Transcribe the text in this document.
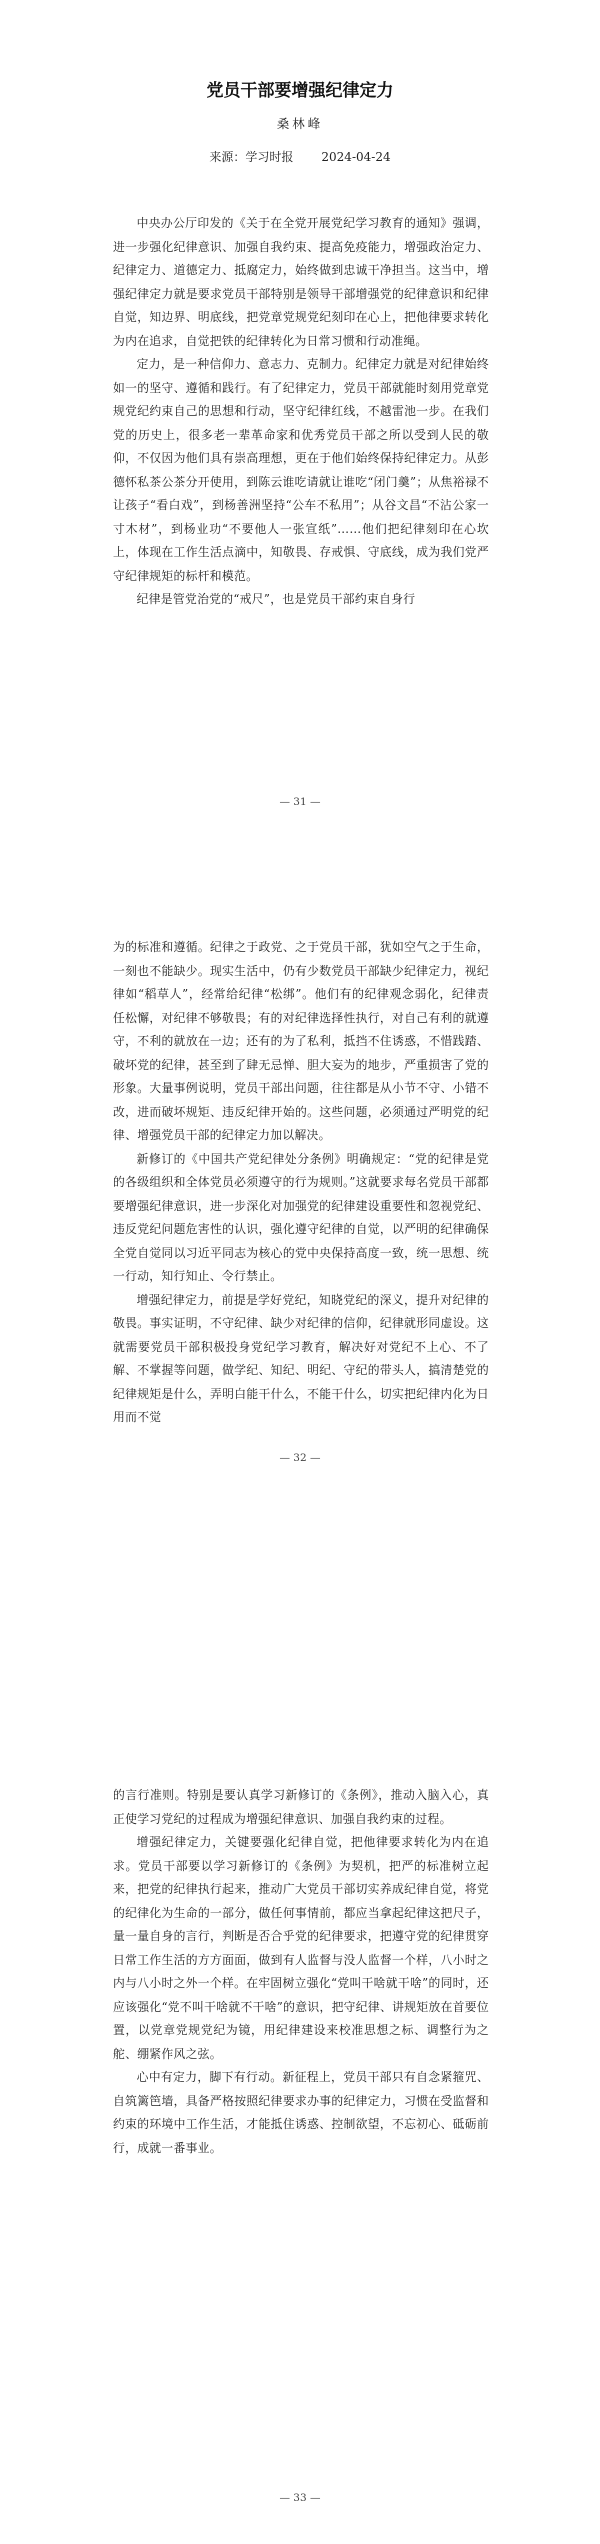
党员干部要增强纪律定力
桑林峰
来源：学习时报 2024-04-24

中央办公厅印发的《关于在全党开展党纪学习教育的通知》强调，进一步强化纪律意识、加强自我约束、提高免疫能力，增强政治定力、纪律定力、道德定力、抵腐定力，始终做到忠诚干净担当。这当中，增强纪律定力就是要求党员干部特别是领导干部增强党的纪律意识和纪律自觉，知边界、明底线，把党章党规党纪刻印在心上，把他律要求转化为内在追求，自觉把铁的纪律转化为日常习惯和行动准绳。

定力，是一种信仰力、意志力、克制力。纪律定力就是对纪律始终如一的坚守、遵循和践行。有了纪律定力，党员干部就能时刻用党章党规党纪约束自己的思想和行动，坚守纪律红线，不越雷池一步。在我们党的历史上，很多老一辈革命家和优秀党员干部之所以受到人民的敬仰，不仅因为他们具有崇高理想，更在于他们始终保持纪律定力。从彭德怀私茶公茶分开使用，到陈云谁吃请就让谁吃“闭门羹”；从焦裕禄不让孩子“看白戏”，到杨善洲坚持“公车不私用”；从谷文昌“不沾公家一寸木材”，到杨业功“不要他人一张宣纸”……他们把纪律刻印在心坎上，体现在工作生活点滴中，知敬畏、存戒惧、守底线，成为我们党严守纪律规矩的标杆和模范。

纪律是管党治党的“戒尺”，也是党员干部约束自身行

— 31 —

为的标准和遵循。纪律之于政党、之于党员干部，犹如空气之于生命，一刻也不能缺少。现实生活中，仍有少数党员干部缺少纪律定力，视纪律如“稻草人”，经常给纪律“松绑”。他们有的纪律观念弱化，纪律责任松懈，对纪律不够敬畏；有的对纪律选择性执行，对自己有利的就遵守，不利的就放在一边；还有的为了私利，抵挡不住诱惑，不惜践踏、破坏党的纪律，甚至到了肆无忌惮、胆大妄为的地步，严重损害了党的形象。大量事例说明，党员干部出问题，往往都是从小节不守、小错不改，进而破坏规矩、违反纪律开始的。这些问题，必须通过严明党的纪律、增强党员干部的纪律定力加以解决。

新修订的《中国共产党纪律处分条例》明确规定：“党的纪律是党的各级组织和全体党员必须遵守的行为规则。”这就要求每名党员干部都要增强纪律意识，进一步深化对加强党的纪律建设重要性和忽视党纪、违反党纪问题危害性的认识，强化遵守纪律的自觉，以严明的纪律确保全党自觉同以习近平同志为核心的党中央保持高度一致，统一思想、统一行动，知行知止、令行禁止。

增强纪律定力，前提是学好党纪，知晓党纪的深义，提升对纪律的敬畏。事实证明，不守纪律、缺少对纪律的信仰，纪律就形同虚设。这就需要党员干部积极投身党纪学习教育，解决好对党纪不上心、不了解、不掌握等问题，做学纪、知纪、明纪、守纪的带头人，搞清楚党的纪律规矩是什么，弄明白能干什么，不能干什么，切实把纪律内化为日用而不觉

— 32 —

的言行准则。特别是要认真学习新修订的《条例》，推动入脑入心，真正使学习党纪的过程成为增强纪律意识、加强自我约束的过程。

增强纪律定力，关键要强化纪律自觉，把他律要求转化为内在追求。党员干部要以学习新修订的《条例》为契机，把严的标准树立起来，把党的纪律执行起来，推动广大党员干部切实养成纪律自觉，将党的纪律化为生命的一部分，做任何事情前，都应当拿起纪律这把尺子，量一量自身的言行，判断是否合乎党的纪律要求，把遵守党的纪律贯穿日常工作生活的方方面面，做到有人监督与没人监督一个样，八小时之内与八小时之外一个样。在牢固树立强化“党叫干啥就干啥”的同时，还应该强化“党不叫干啥就不干啥”的意识，把守纪律、讲规矩放在首要位置，以党章党规党纪为镜，用纪律建设来校准思想之标、调整行为之舵、绷紧作风之弦。

心中有定力，脚下有行动。新征程上，党员干部只有自念紧箍咒、自筑篱笆墙，具备严格按照纪律要求办事的纪律定力，习惯在受监督和约束的环境中工作生活，才能抵住诱惑、控制欲望，不忘初心、砥砺前行，成就一番事业。

— 33 —
